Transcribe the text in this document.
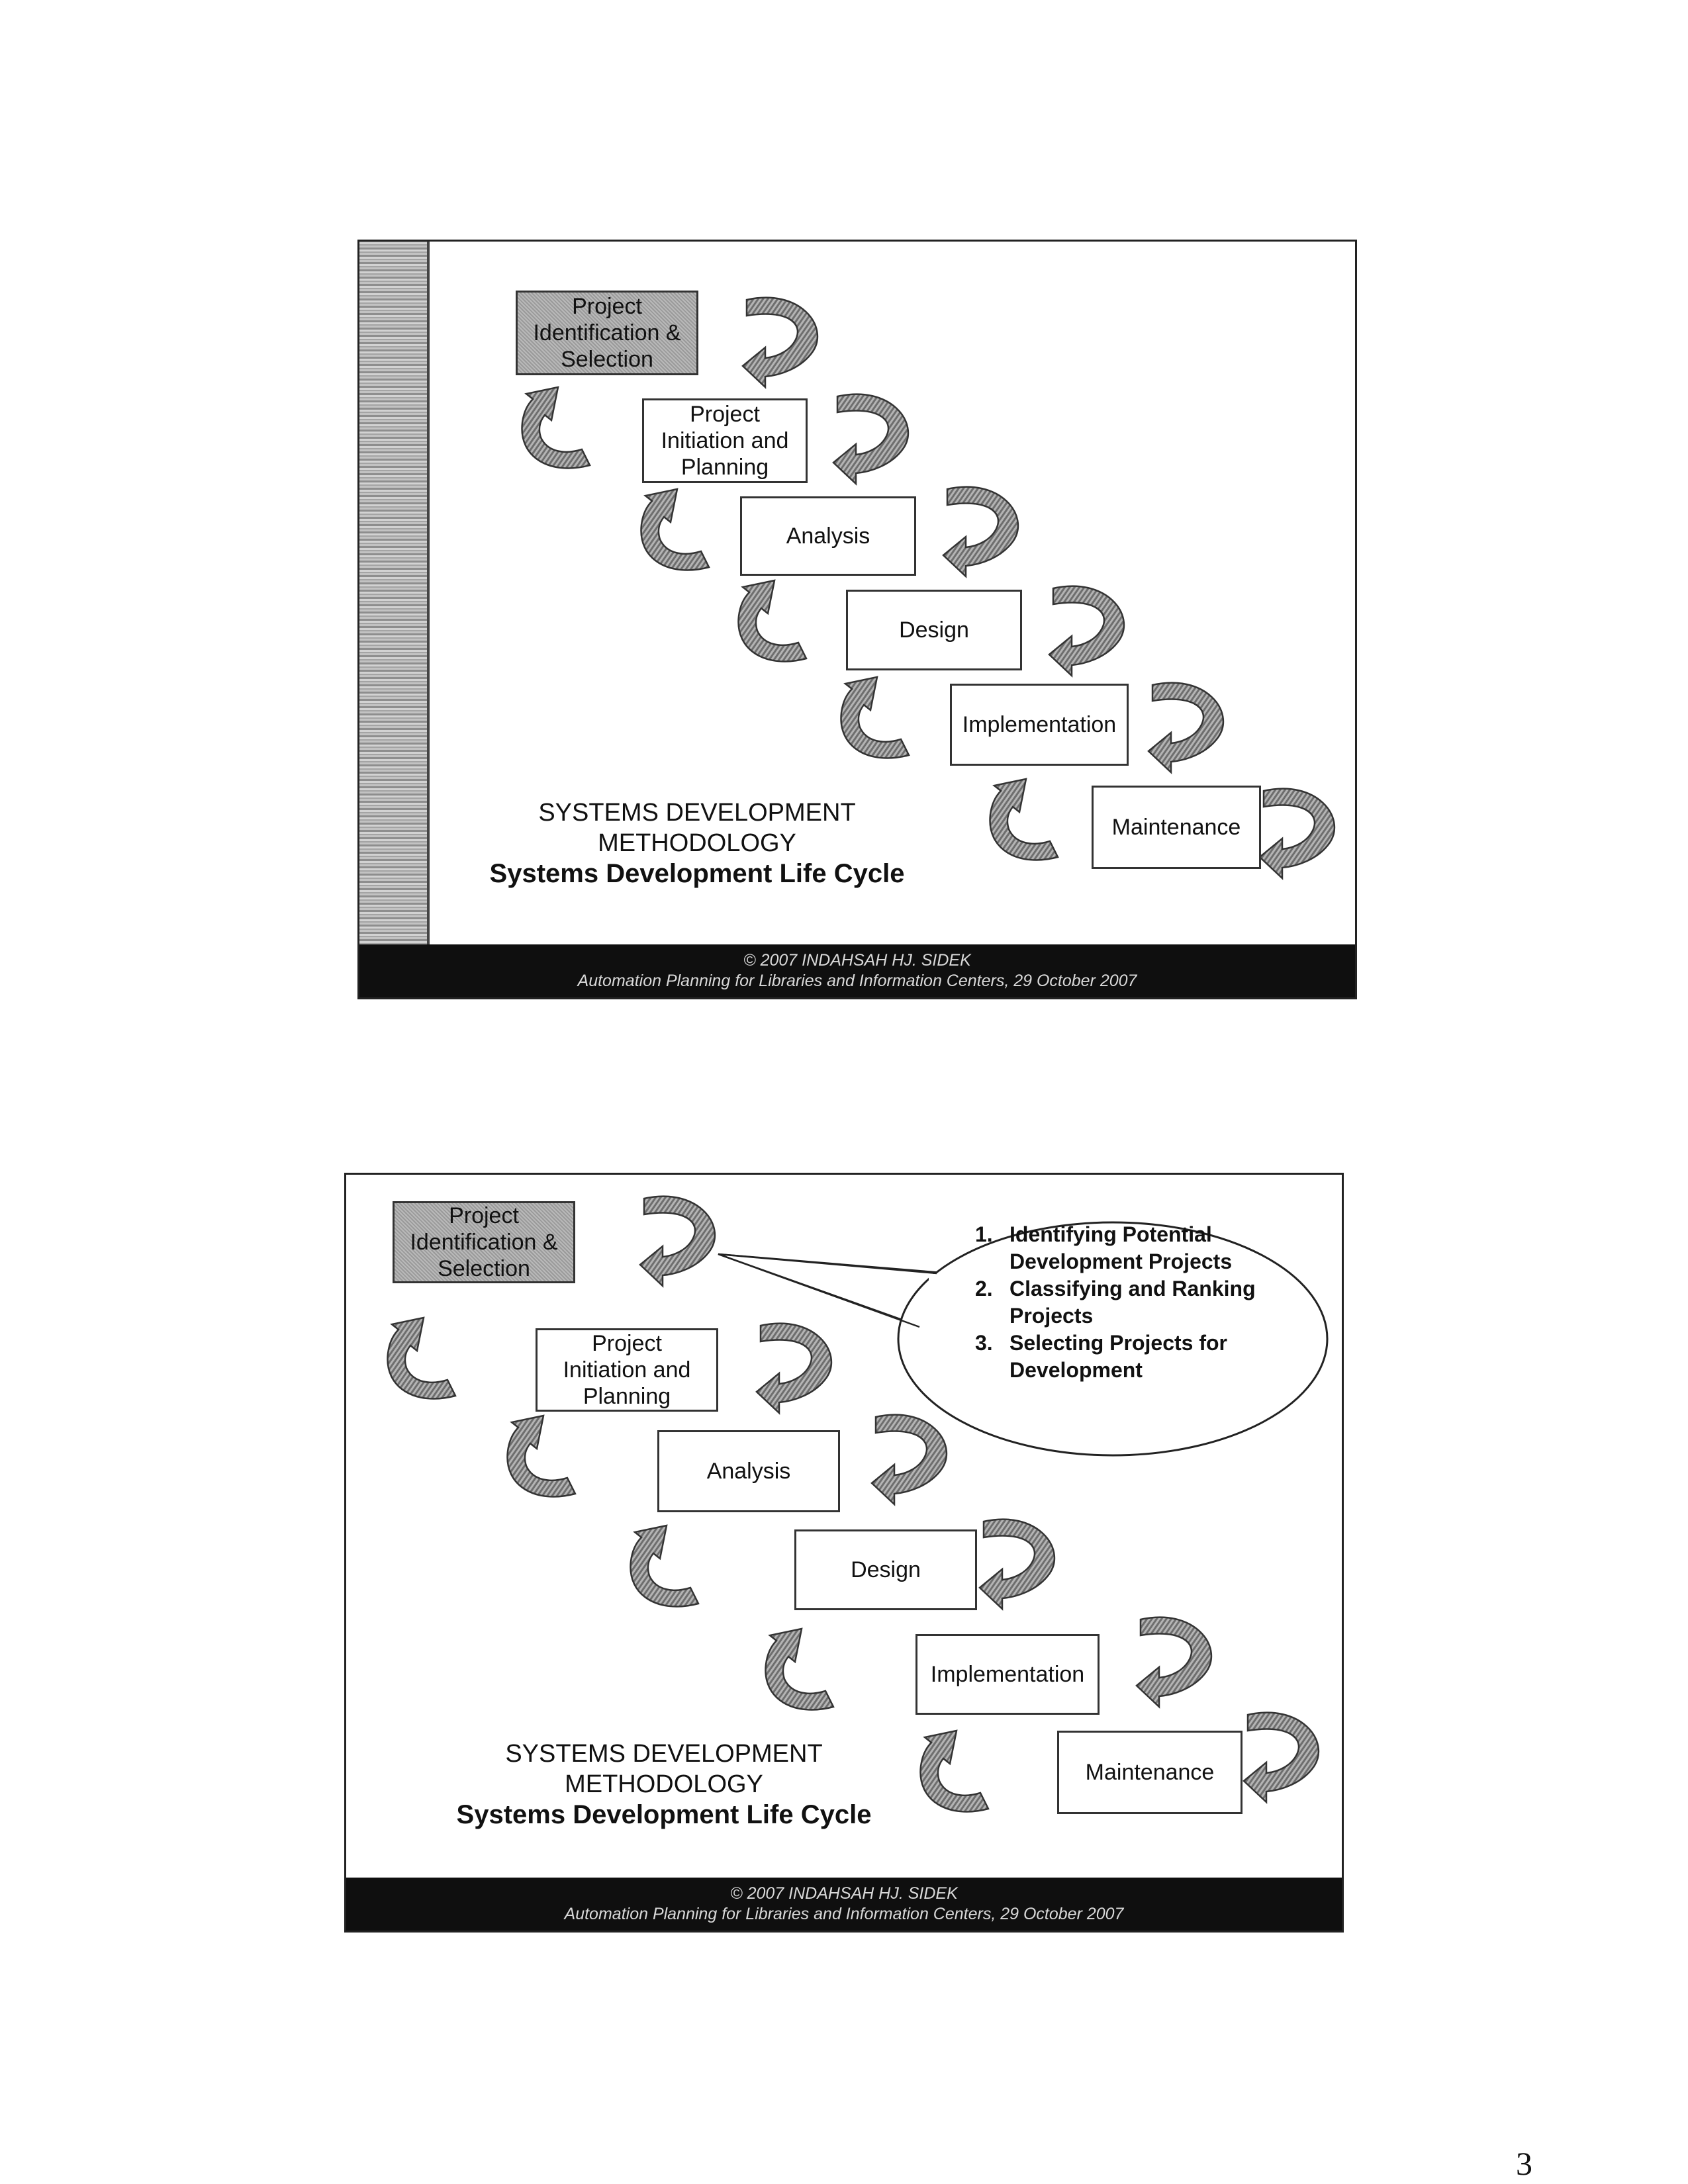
Project
Identification &
Selection
Project
Initiation and
Planning
Analysis
Design
Implementation
Maintenance
SYSTEMS DEVELOPMENT
METHODOLOGY
Systems Development Life Cycle
© 2007 INDAHSAH HJ. SIDEK
Automation Planning for Libraries and Information Centers, 29 October 2007
Project
Identification &
Selection
Project
Initiation and
Planning
Analysis
Design
Implementation
Maintenance
1. Identifying Potential Development Projects
2. Classifying and Ranking Projects
3. Selecting Projects for Development
SYSTEMS DEVELOPMENT
METHODOLOGY
Systems Development Life Cycle
© 2007 INDAHSAH HJ. SIDEK
Automation Planning for Libraries and Information Centers, 29 October 2007
3
